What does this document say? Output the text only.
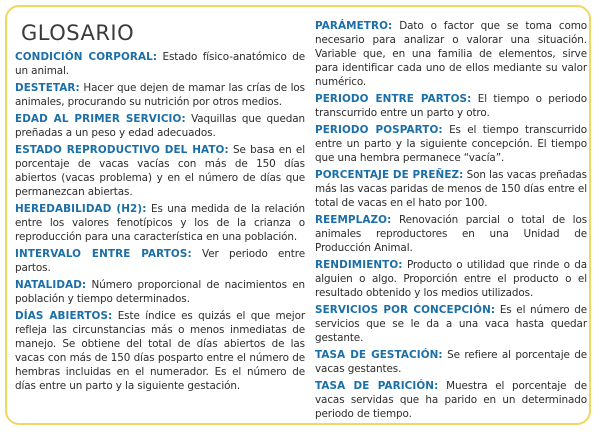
GLOSARIO

CONDICIÓN CORPORAL: Estado físico-anatómico de un animal.

DESTETAR: Hacer que dejen de mamar las crías de los animales, procurando su nutrición por otros medios.

EDAD AL PRIMER SERVICIO: Vaquillas que quedan preñadas a un peso y edad adecuados.

ESTADO REPRODUCTIVO DEL HATO: Se basa en el porcentaje de vacas vacías con más de 150 días abiertos (vacas problema) y en el número de días que permanezcan abiertas.

HEREDABILIDAD (H2): Es una medida de la relación entre los valores fenotípicos y los de la crianza o reproducción para una característica en una población.

INTERVALO ENTRE PARTOS: Ver periodo entre partos.

NATALIDAD: Número proporcional de nacimientos en población y tiempo determinados.

DÍAS ABIERTOS: Este índice es quizás el que mejor refleja las circunstancias más o menos inmediatas de manejo. Se obtiene del total de días abiertos de las vacas con más de 150 días posparto entre el número de hembras incluidas en el numerador. Es el número de días entre un parto y la siguiente gestación.

PARÁMETRO: Dato o factor que se toma como necesario para analizar o valorar una situación. Variable que, en una familia de elementos, sirve para identificar cada uno de ellos mediante su valor numérico.

PERIODO ENTRE PARTOS: El tiempo o periodo transcurrido entre un parto y otro.

PERIODO POSPARTO: Es el tiempo transcurrido entre un parto y la siguiente concepción. El tiempo que una hembra permanece “vacía”.

PORCENTAJE DE PREÑEZ: Son las vacas preñadas más las vacas paridas de menos de 150 días entre el total de vacas en el hato por 100.

REEMPLAZO: Renovación parcial o total de los animales reproductores en una Unidad de Producción Animal.

RENDIMIENTO: Producto o utilidad que rinde o da alguien o algo. Proporción entre el producto o el resultado obtenido y los medios utilizados.

SERVICIOS POR CONCEPCIÓN: Es el número de servicios que se le da a una vaca hasta quedar gestante.

TASA DE GESTACIÓN: Se refiere al porcentaje de vacas gestantes.

TASA DE PARICIÓN: Muestra el porcentaje de vacas servidas que ha parido en un determinado periodo de tiempo.
